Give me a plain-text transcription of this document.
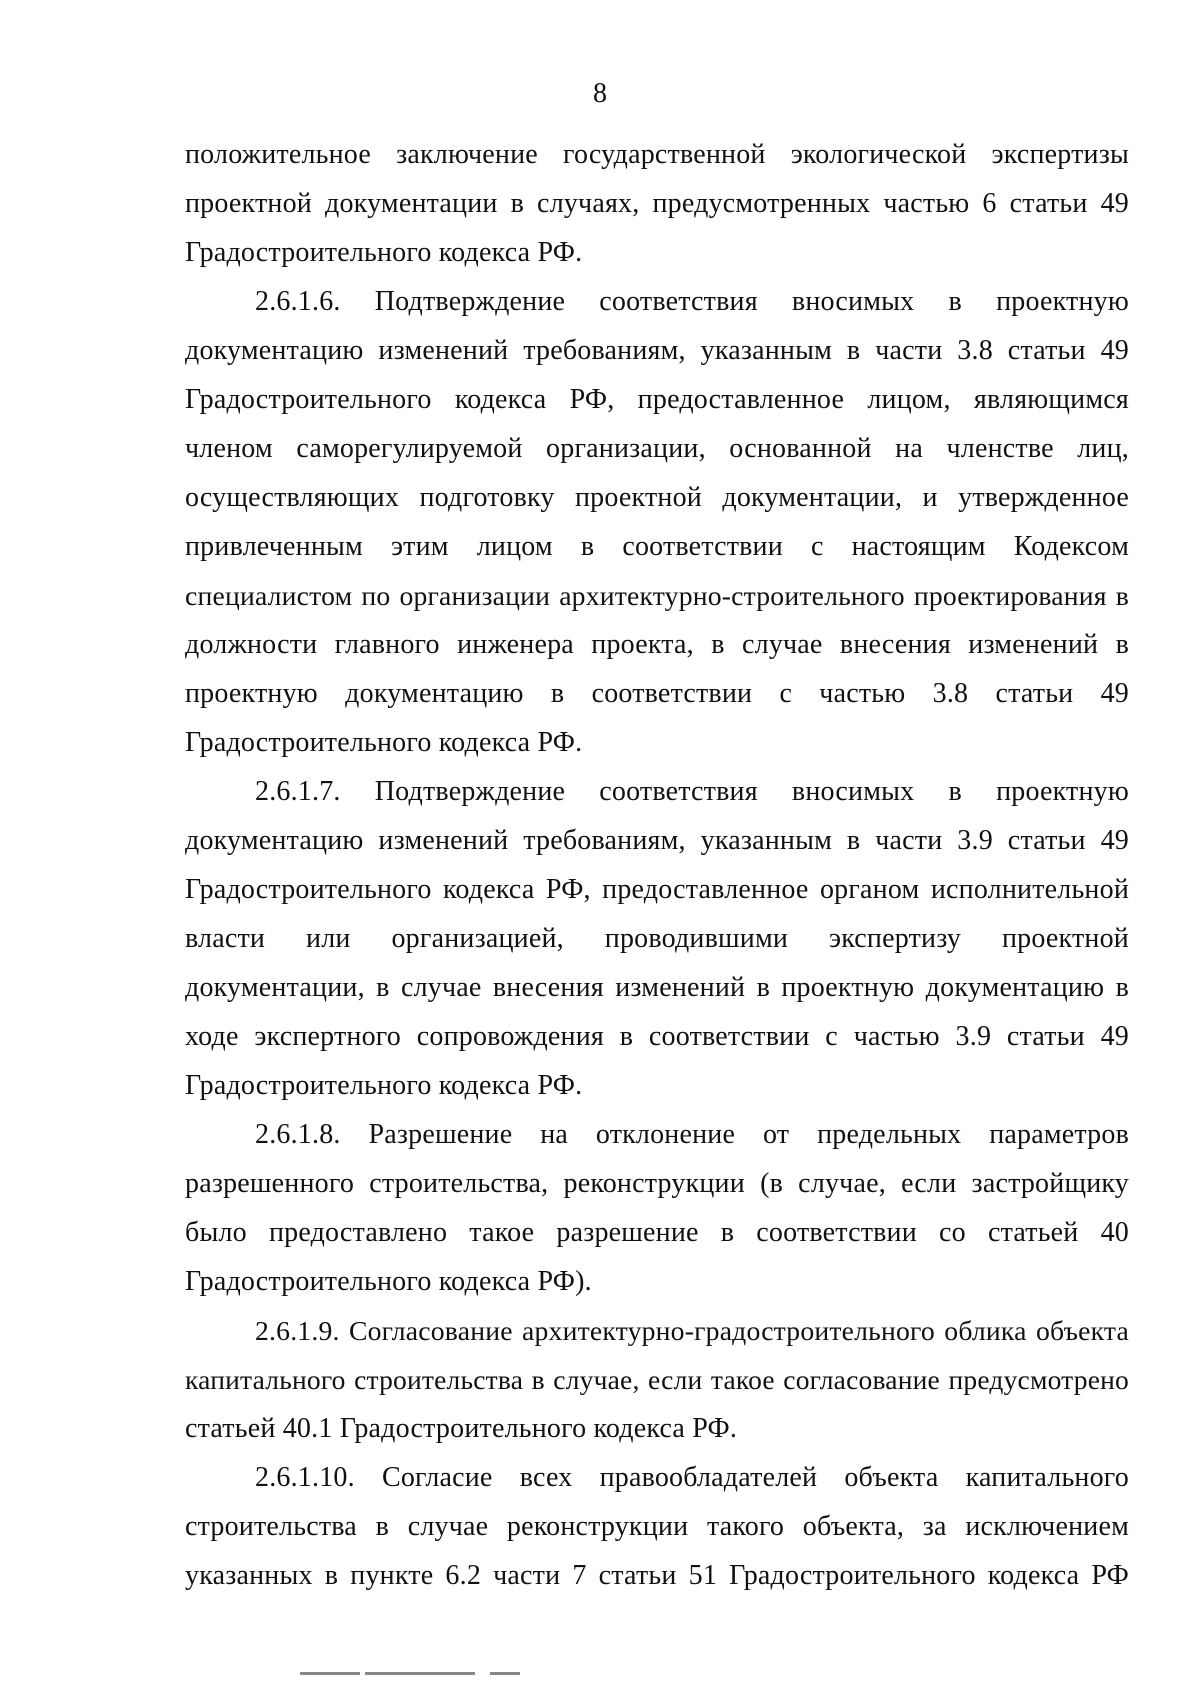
8
положительное заключение государственной экологической экспертизы
проектной документации в случаях, предусмотренных частью 6 статьи 49
Градостроительного кодекса РФ.
2.6.1.6. Подтверждение соответствия вносимых в проектную
документацию изменений требованиям, указанным в части 3.8 статьи 49
Градостроительного кодекса РФ, предоставленное лицом, являющимся
членом саморегулируемой организации, основанной на членстве лиц,
осуществляющих подготовку проектной документации, и утвержденное
привлеченным этим лицом в соответствии с настоящим Кодексом
специалистом по организации архитектурно-строительного проектирования в
должности главного инженера проекта, в случае внесения изменений в
проектную документацию в соответствии с частью 3.8 статьи 49
Градостроительного кодекса РФ.
2.6.1.7. Подтверждение соответствия вносимых в проектную
документацию изменений требованиям, указанным в части 3.9 статьи 49
Градостроительного кодекса РФ, предоставленное органом исполнительной
власти или организацией, проводившими экспертизу проектной
документации, в случае внесения изменений в проектную документацию в
ходе экспертного сопровождения в соответствии с частью 3.9 статьи 49
Градостроительного кодекса РФ.
2.6.1.8. Разрешение на отклонение от предельных параметров
разрешенного строительства, реконструкции (в случае, если застройщику
было предоставлено такое разрешение в соответствии со статьей 40
Градостроительного кодекса РФ).
2.6.1.9. Согласование архитектурно-градостроительного облика объекта
капитального строительства в случае, если такое согласование предусмотрено
статьей 40.1 Градостроительного кодекса РФ.
2.6.1.10. Согласие всех правообладателей объекта капитального
строительства в случае реконструкции такого объекта, за исключением
указанных в пункте 6.2 части 7 статьи 51 Градостроительного кодекса РФ
